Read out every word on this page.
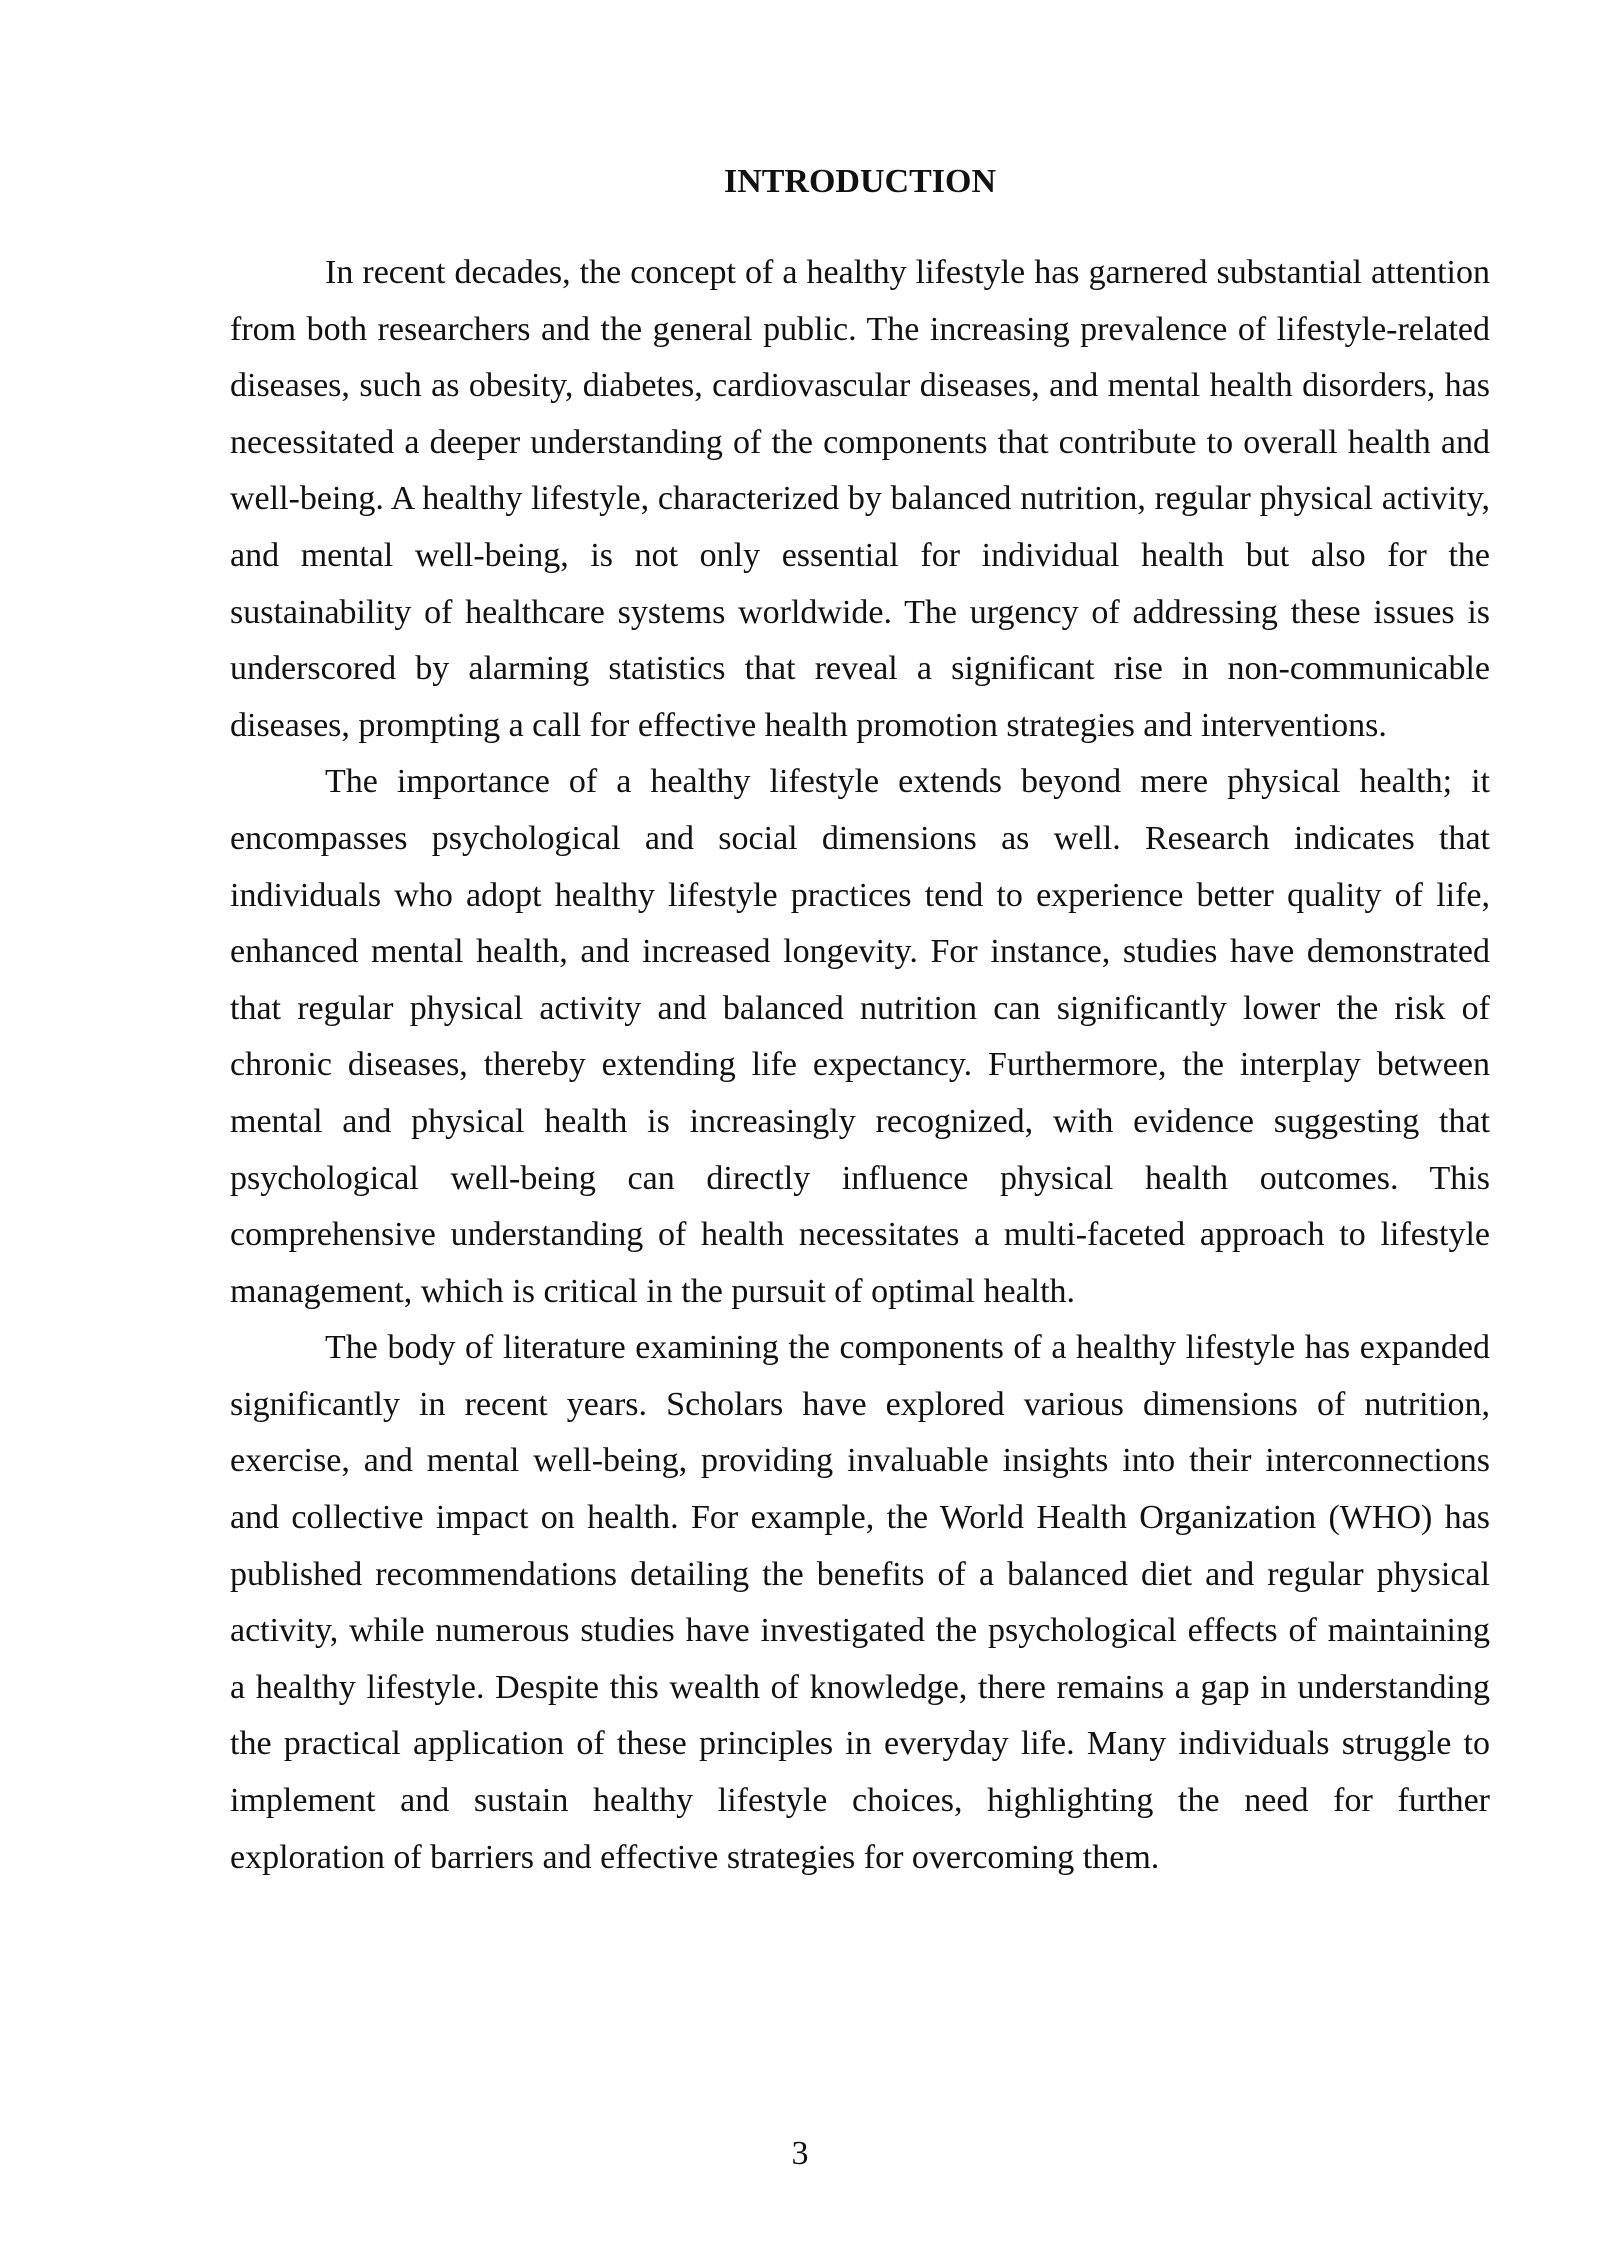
INTRODUCTION

In recent decades, the concept of a healthy lifestyle has garnered substantial attention from both researchers and the general public. The increasing prevalence of lifestyle-related diseases, such as obesity, diabetes, cardiovascular diseases, and mental health disorders, has necessitated a deeper understanding of the components that contribute to overall health and well-being. A healthy lifestyle, characterized by balanced nutrition, regular physical activity, and mental well-being, is not only essential for individual health but also for the sustainability of healthcare systems worldwide. The urgency of addressing these issues is underscored by alarming statistics that reveal a significant rise in non-communicable diseases, prompting a call for effective health promotion strategies and interventions.

The importance of a healthy lifestyle extends beyond mere physical health; it encompasses psychological and social dimensions as well. Research indicates that individuals who adopt healthy lifestyle practices tend to experience better quality of life, enhanced mental health, and increased longevity. For instance, studies have demonstrated that regular physical activity and balanced nutrition can significantly lower the risk of chronic diseases, thereby extending life expectancy. Furthermore, the interplay between mental and physical health is increasingly recognized, with evidence suggesting that psychological well-being can directly influence physical health outcomes. This comprehensive understanding of health necessitates a multi-faceted approach to lifestyle management, which is critical in the pursuit of optimal health.

The body of literature examining the components of a healthy lifestyle has expanded significantly in recent years. Scholars have explored various dimensions of nutrition, exercise, and mental well-being, providing invaluable insights into their interconnections and collective impact on health. For example, the World Health Organization (WHO) has published recommendations detailing the benefits of a balanced diet and regular physical activity, while numerous studies have investigated the psychological effects of maintaining a healthy lifestyle. Despite this wealth of knowledge, there remains a gap in understanding the practical application of these principles in everyday life. Many individuals struggle to implement and sustain healthy lifestyle choices, highlighting the need for further exploration of barriers and effective strategies for overcoming them.

3
